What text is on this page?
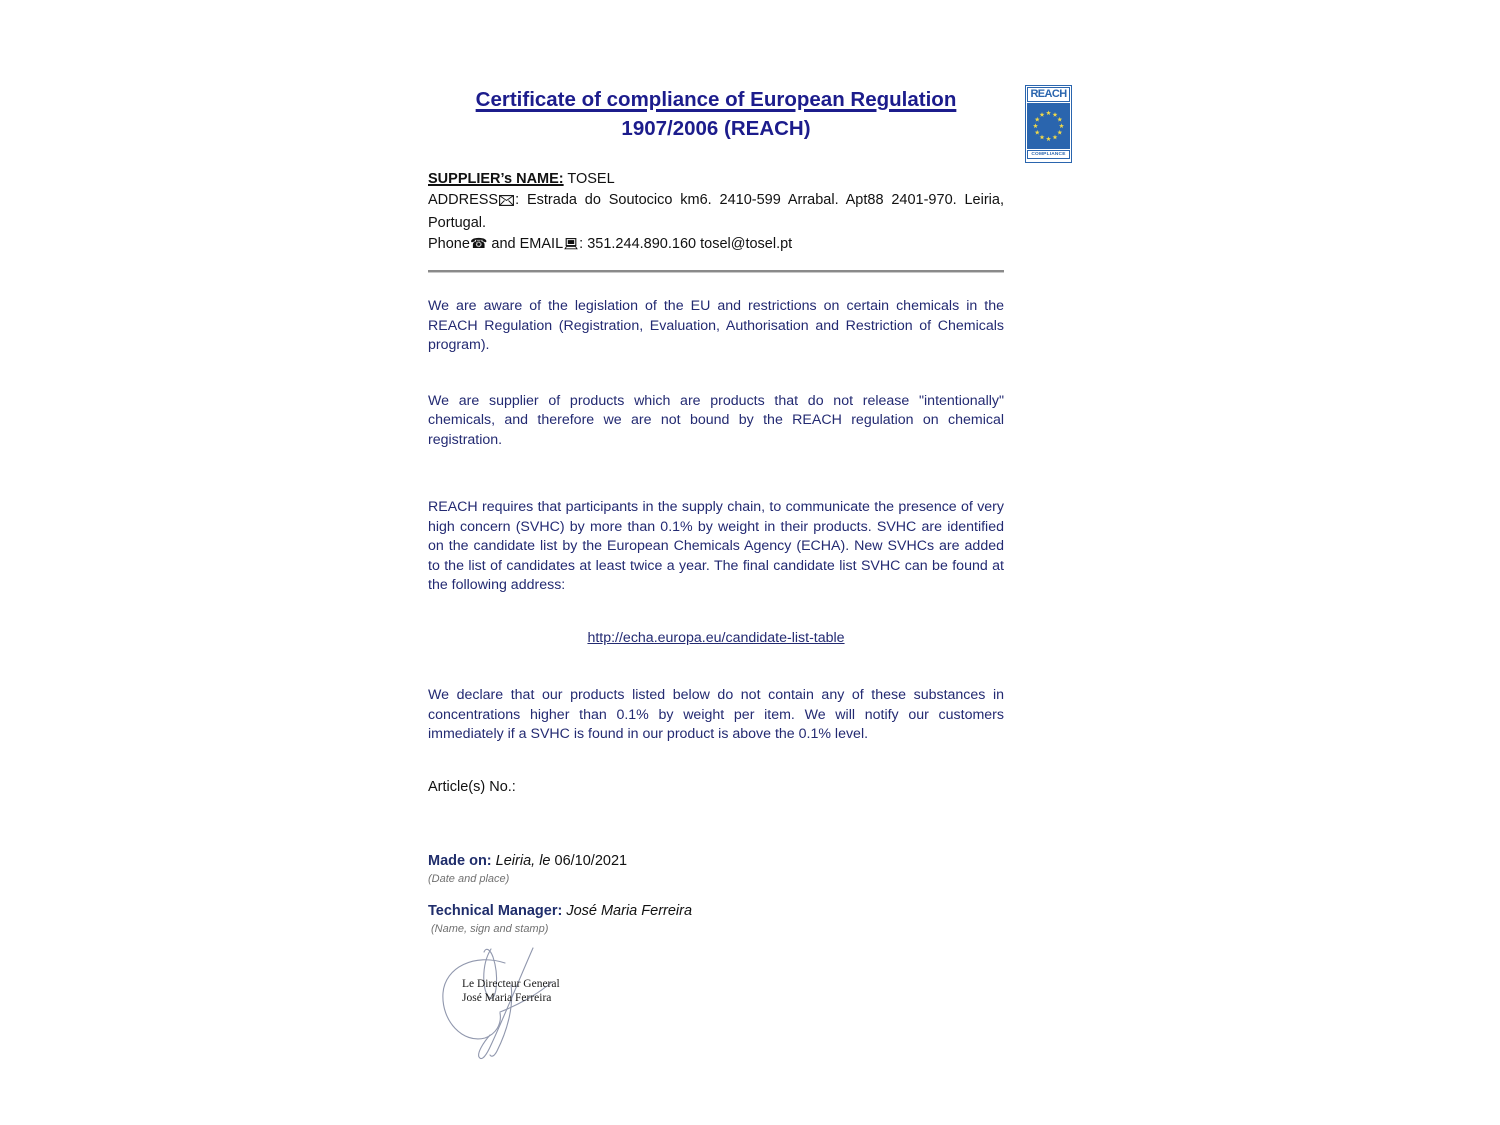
REACH
COMPLIANCE
Certificate of compliance of European Regulation
1907/2006 (REACH)

SUPPLIER’s NAME: TOSEL

ADDRESS : Estrada do Soutocico km6. 2410-599 Arrabal. Apt88 2401-970. Leiria, Portugal.

Phone☎ and EMAIL : 351.244.890.160 tosel@tosel.pt

We are aware of the legislation of the EU and restrictions on certain chemicals in the REACH Regulation (Registration, Evaluation, Authorisation and Restriction of Chemicals program).

We are supplier of products which are products that do not release "intentionally" chemicals, and therefore we are not bound by the REACH regulation on chemical registration.

REACH requires that participants in the supply chain, to communicate the presence of very high concern (SVHC) by more than 0.1% by weight in their products. SVHC are identified on the candidate list by the European Chemicals Agency (ECHA). New SVHCs are added to the list of candidates at least twice a year. The final candidate list SVHC can be found at the following address:

http://echa.europa.eu/candidate-list-table

We declare that our products listed below do not contain any of these substances in concentrations higher than 0.1% by weight per item. We will notify our customers immediately if a SVHC is found in our product is above the 0.1% level.

Article(s) No.:

Made on: Leiria, le 06/10/2021

(Date and place)

Technical Manager: José Maria Ferreira

(Name, sign and stamp)

Le Directeur General
José Maria Ferreira
